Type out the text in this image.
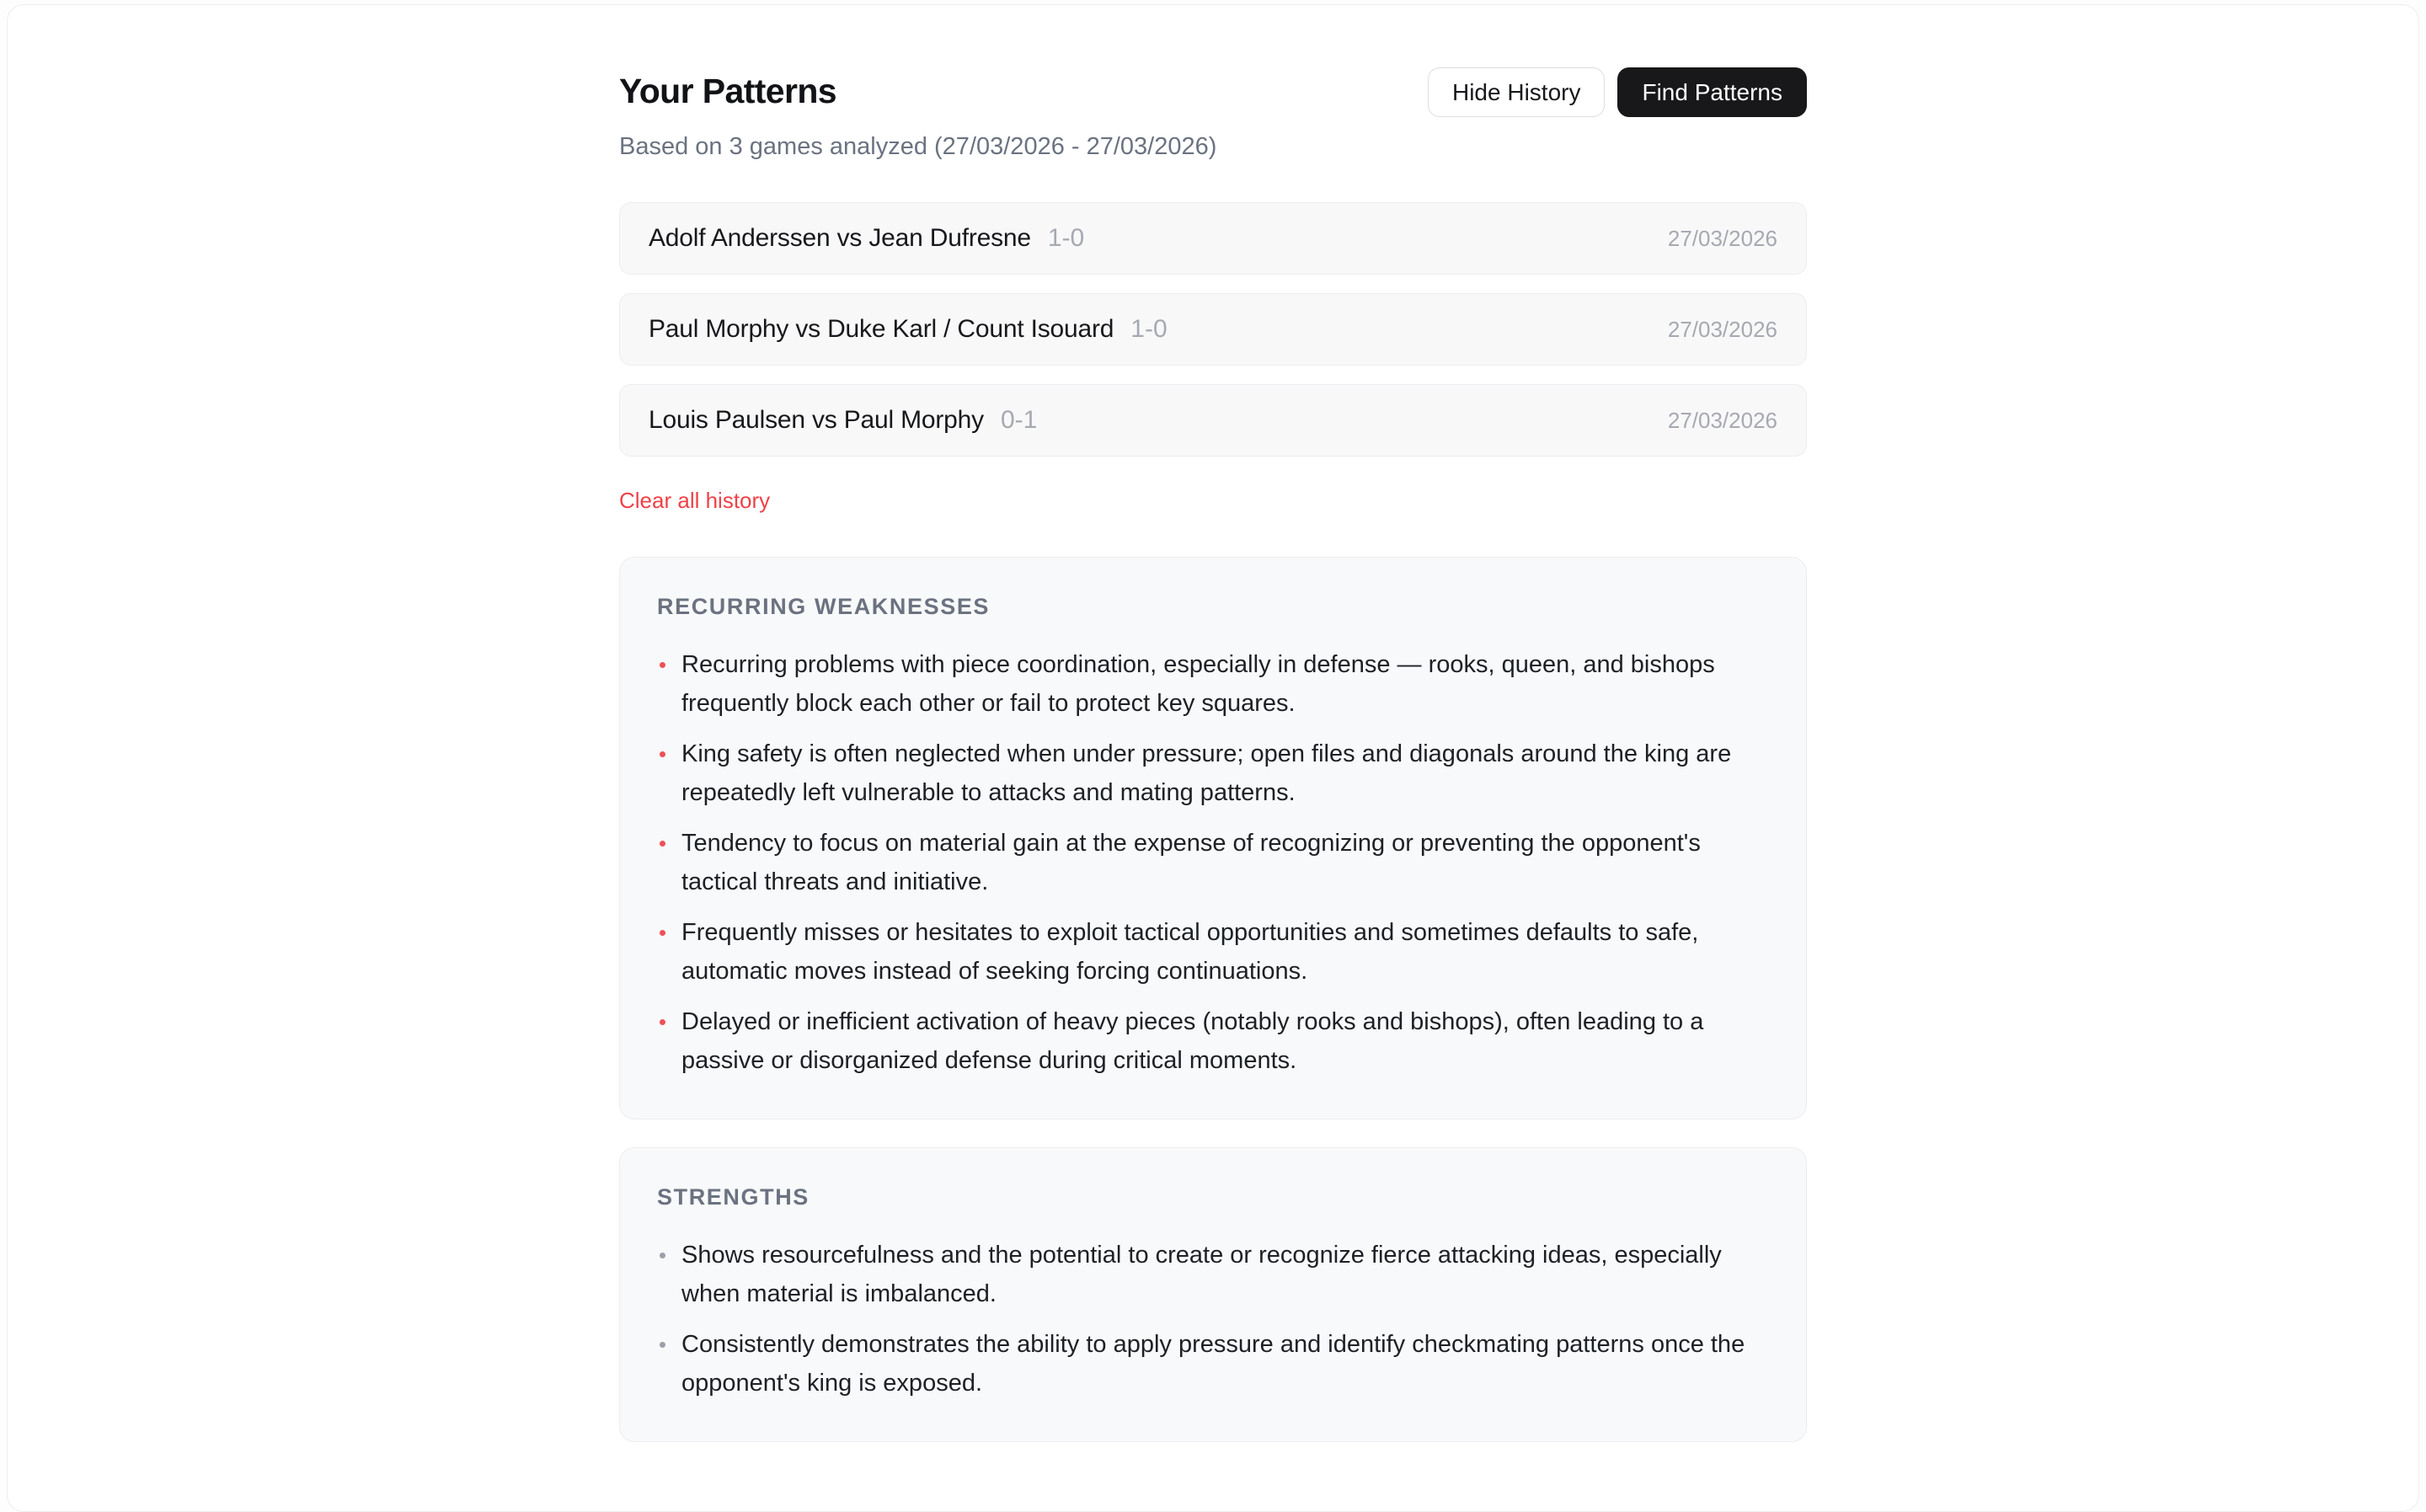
Your Patterns
Based on 3 games analyzed (27/03/2026 - 27/03/2026)
Hide History	Find Patterns
Adolf Anderssen vs Jean Dufresne 1-0	27/03/2026
Paul Morphy vs Duke Karl / Count Isouard 1-0	27/03/2026
Louis Paulsen vs Paul Morphy 0-1	27/03/2026
Clear all history
RECURRING WEAKNESSES
Recurring problems with piece coordination, especially in defense — rooks, queen, and bishops frequently block each other or fail to protect key squares.
King safety is often neglected when under pressure; open files and diagonals around the king are repeatedly left vulnerable to attacks and mating patterns.
Tendency to focus on material gain at the expense of recognizing or preventing the opponent's tactical threats and initiative.
Frequently misses or hesitates to exploit tactical opportunities and sometimes defaults to safe, automatic moves instead of seeking forcing continuations.
Delayed or inefficient activation of heavy pieces (notably rooks and bishops), often leading to a passive or disorganized defense during critical moments.
STRENGTHS
Shows resourcefulness and the potential to create or recognize fierce attacking ideas, especially when material is imbalanced.
Consistently demonstrates the ability to apply pressure and identify checkmating patterns once the opponent's king is exposed.
